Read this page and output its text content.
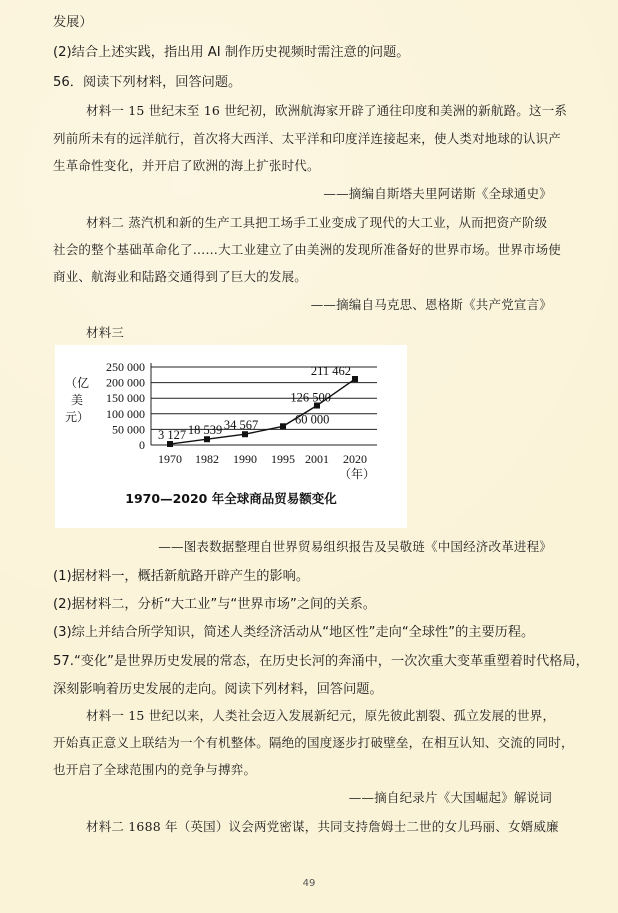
发展）
(2)结合上述实践，指出用 AI 制作历史视频时需注意的问题。
56．阅读下列材料，回答问题。
材料一 15 世纪末至 16 世纪初，欧洲航海家开辟了通往印度和美洲的新航路。这一系
列前所未有的远洋航行，首次将大西洋、太平洋和印度洋连接起来，使人类对地球的认识产
生革命性变化，并开启了欧洲的海上扩张时代。
——摘编自斯塔夫里阿诺斯《全球通史》
材料二 蒸汽机和新的生产工具把工场手工业变成了现代的大工业，从而把资产阶级
社会的整个基础革命化了……大工业建立了由美洲的发现所准备好的世界市场。世界市场使
商业、航海业和陆路交通得到了巨大的发展。
——摘编自马克思、恩格斯《共产党宣言》
材料三
0
50 000
100 000
150 000
200 000
250 000
（亿美元）
1970 1982 1990 1995 2001 2020
（年）
3 127 18 539 34 567	60 000
126 500
211 462
1970—2020 年全球商品贸易额变化
——图表数据整理自世界贸易组织报告及吴敬琏《中国经济改革进程》
(1)据材料一，概括新航路开辟产生的影响。
(2)据材料二，分析“大工业”与“世界市场”之间的关系。
(3)综上并结合所学知识，简述人类经济活动从“地区性”走向“全球性”的主要历程。
57.“变化”是世界历史发展的常态，在历史长河的奔涌中，一次次重大变革重塑着时代格局，
深刻影响着历史发展的走向。阅读下列材料，回答问题。
材料一 15 世纪以来，人类社会迈入发展新纪元，原先彼此割裂、孤立发展的世界，
开始真正意义上联结为一个有机整体。隔绝的国度逐步打破壁垒，在相互认知、交流的同时，
也开启了全球范围内的竞争与搏弈。
——摘自纪录片《大国崛起》解说词
材料二 1688 年（英国）议会两党密谋，共同支持詹姆士二世的女儿玛丽、女婿威廉
49
